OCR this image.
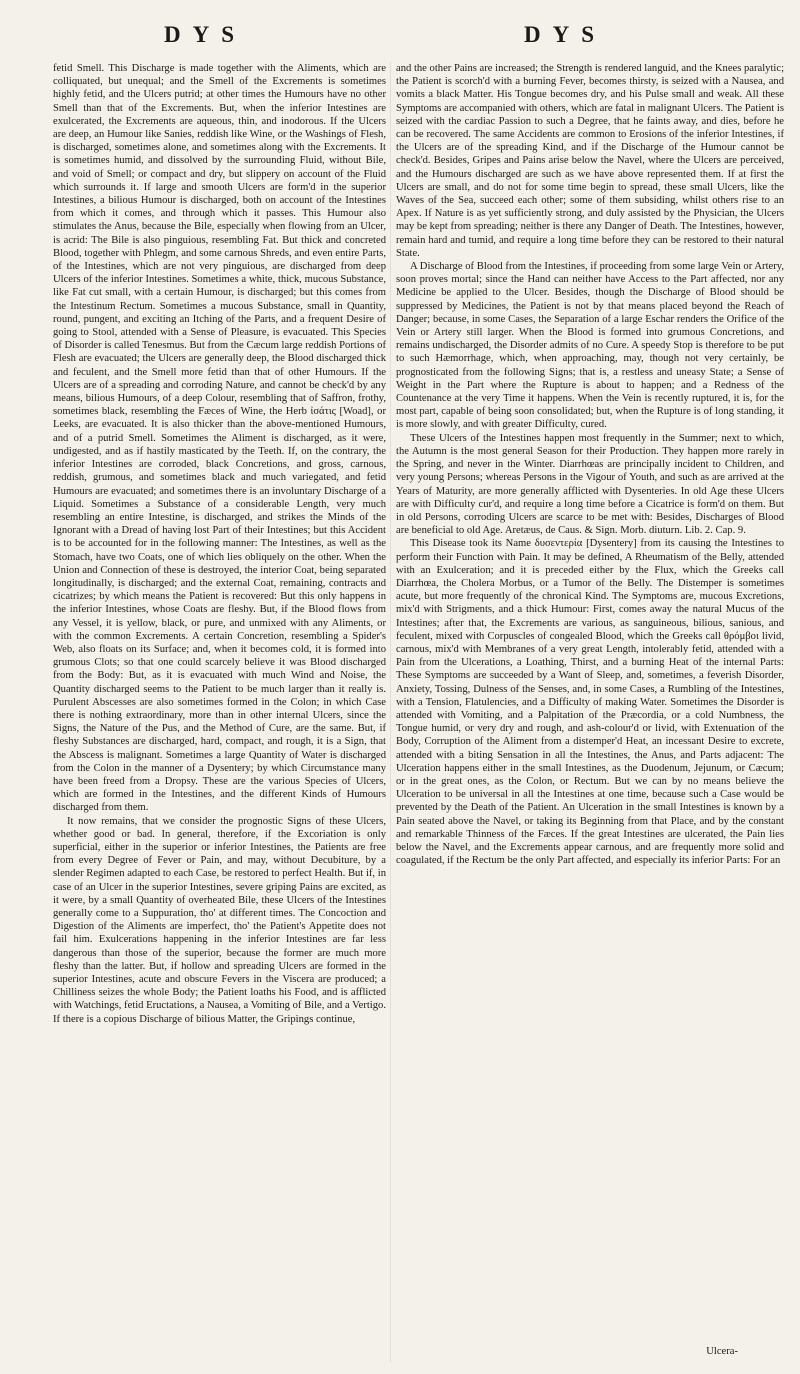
DYS	DYS

fetid Smell. This Discharge is made together with the Aliments, which are colliquated, but unequal; and the Smell of the Excrements is sometimes highly fetid, and the Ulcers putrid; at other times the Humours have no other Smell than that of the Excrements. But, when the inferior Intestines are exulcerated, the Excrements are aqueous, thin, and inodorous. If the Ulcers are deep, an Humour like Sanies, reddish like Wine, or the Washings of Flesh, is discharged, sometimes alone, and sometimes along with the Excrements. It is sometimes humid, and dissolved by the surrounding Fluid, without Bile, and void of Smell; or compact and dry, but slippery on account of the Fluid which surrounds it. If large and smooth Ulcers are form'd in the superior Intestines, a bilious Humour is discharged, both on account of the Intestines from which it comes, and through which it passes. This Humour also stimulates the Anus, because the Bile, especially when flowing from an Ulcer, is acrid: The Bile is also pinguious, resembling Fat. But thick and concreted Blood, together with Phlegm, and some carnous Shreds, and even entire Parts, of the Intestines, which are not very pinguious, are discharged from deep Ulcers of the inferior Intestines. Sometimes a white, thick, mucous Substance, like Fat cut small, with a certain Humour, is discharged; but this comes from the Intestinum Rectum. Sometimes a mucous Substance, small in Quantity, round, pungent, and exciting an Itching of the Parts, and a frequent Desire of going to Stool, attended with a Sense of Pleasure, is evacuated. This Species of Disorder is called Tenesmus. But from the Cæcum large reddish Portions of Flesh are evacuated; the Ulcers are generally deep, the Blood discharged thick and feculent, and the Smell more fetid than that of other Humours. If the Ulcers are of a spreading and corroding Nature, and cannot be check'd by any means, bilious Humours, of a deep Colour, resembling that of Saffron, frothy, sometimes black, resembling the Fæces of Wine, the Herb ἰσάτις [Woad], or Leeks, are evacuated. It is also thicker than the above-mentioned Humours, and of a putrid Smell. Sometimes the Aliment is discharged, as it were, undigested, and as if hastily masticated by the Teeth. If, on the contrary, the inferior Intestines are corroded, black Concretions, and gross, carnous, reddish, grumous, and sometimes black and much variegated, and fetid Humours are evacuated; and sometimes there is an involuntary Discharge of a Liquid. Sometimes a Substance of a considerable Length, very much resembling an entire Intestine, is discharged, and strikes the Minds of the Ignorant with a Dread of having lost Part of their Intestines; but this Accident is to be accounted for in the following manner: The Intestines, as well as the Stomach, have two Coats, one of which lies obliquely on the other. When the Union and Connection of these is destroyed, the interior Coat, being separated longitudinally, is discharged; and the external Coat, remaining, contracts and cicatrizes; by which means the Patient is recovered: But this only happens in the inferior Intestines, whose Coats are fleshy. But, if the Blood flows from any Vessel, it is yellow, black, or pure, and unmixed with any Aliments, or with the common Excrements. A certain Concretion, resembling a Spider's Web, also floats on its Surface; and, when it becomes cold, it is formed into grumous Clots; so that one could scarcely believe it was Blood discharged from the Body: But, as it is evacuated with much Wind and Noise, the Quantity discharged seems to the Patient to be much larger than it really is. Purulent Abscesses are also sometimes formed in the Colon; in which Case there is nothing extraordinary, more than in other internal Ulcers, since the Signs, the Nature of the Pus, and the Method of Cure, are the same. But, if fleshy Substances are discharged, hard, compact, and rough, it is a Sign, that the Abscess is malignant. Sometimes a large Quantity of Water is discharged from the Colon in the manner of a Dysentery; by which Circumstance many have been freed from a Dropsy. These are the various Species of Ulcers, which are formed in the Intestines, and the different Kinds of Humours discharged from them.

It now remains, that we consider the prognostic Signs of these Ulcers, whether good or bad. In general, therefore, if the Excoriation is only superficial, either in the superior or inferior Intestines, the Patients are free from every Degree of Fever or Pain, and may, without Decubiture, by a slender Regimen adapted to each Case, be restored to perfect Health. But if, in case of an Ulcer in the superior Intestines, severe griping Pains are excited, as it were, by a small Quantity of overheated Bile, these Ulcers of the Intestines generally come to a Suppuration, tho' at different times. The Concoction and Digestion of the Aliments are imperfect, tho' the Patient's Appetite does not fail him. Exulcerations happening in the inferior Intestines are far less dangerous than those of the superior, because the former are much more fleshy than the latter. But, if hollow and spreading Ulcers are formed in the superior Intestines, acute and obscure Fevers in the Viscera are produced; a Chilliness seizes the whole Body; the Patient loaths his Food, and is afflicted with Watchings, fetid Eructations, a Nausea, a Vomiting of Bile, and a Vertigo. If there is a copious Discharge of bilious Matter, the Gripings continue,

and the other Pains are increased; the Strength is rendered languid, and the Knees paralytic; the Patient is scorch'd with a burning Fever, becomes thirsty, is seized with a Nausea, and vomits a black Matter. His Tongue becomes dry, and his Pulse small and weak. All these Symptoms are accompanied with others, which are fatal in malignant Ulcers. The Patient is seized with the cardiac Passion to such a Degree, that he faints away, and dies, before he can be recovered. The same Accidents are common to Erosions of the inferior Intestines, if the Ulcers are of the spreading Kind, and if the Discharge of the Humour cannot be check'd. Besides, Gripes and Pains arise below the Navel, where the Ulcers are perceived, and the Humours discharged are such as we have above represented them. If at first the Ulcers are small, and do not for some time begin to spread, these small Ulcers, like the Waves of the Sea, succeed each other; some of them subsiding, whilst others rise to an Apex. If Nature is as yet sufficiently strong, and duly assisted by the Physician, the Ulcers may be kept from spreading; neither is there any Danger of Death. The Intestines, however, remain hard and tumid, and require a long time before they can be restored to their natural State.

A Discharge of Blood from the Intestines, if proceeding from some large Vein or Artery, soon proves mortal; since the Hand can neither have Access to the Part affected, nor any Medicine be applied to the Ulcer. Besides, though the Discharge of Blood should be suppressed by Medicines, the Patient is not by that means placed beyond the Reach of Danger; because, in some Cases, the Separation of a large Eschar renders the Orifice of the Vein or Artery still larger. When the Blood is formed into grumous Concretions, and remains undischarged, the Disorder admits of no Cure. A speedy Stop is therefore to be put to such Hæmorrhage, which, when approaching, may, though not very certainly, be prognosticated from the following Signs; that is, a restless and uneasy State; a Sense of Weight in the Part where the Rupture is about to happen; and a Redness of the Countenance at the very Time it happens. When the Vein is recently ruptured, it is, for the most part, capable of being soon consolidated; but, when the Rupture is of long standing, it is more slowly, and with greater Difficulty, cured.

These Ulcers of the Intestines happen most frequently in the Summer; next to which, the Autumn is the most general Season for their Production. They happen more rarely in the Spring, and never in the Winter. Diarrhœas are principally incident to Children, and very young Persons; whereas Persons in the Vigour of Youth, and such as are arrived at the Years of Maturity, are more generally afflicted with Dysenteries. In old Age these Ulcers are with Difficulty cur'd, and require a long time before a Cicatrice is form'd on them. But in old Persons, corroding Ulcers are scarce to be met with: Besides, Discharges of Blood are beneficial to old Age. Aretæus, de Caus. & Sign. Morb. diuturn. Lib. 2. Cap. 9.

This Disease took its Name δυσεντερία [Dysentery] from its causing the Intestines to perform their Function with Pain. It may be defined, A Rheumatism of the Belly, attended with an Exulceration; and it is preceded either by the Flux, which the Greeks call Diarrhœa, the Cholera Morbus, or a Tumor of the Belly. The Distemper is sometimes acute, but more frequently of the chronical Kind. The Symptoms are, mucous Excretions, mix'd with Strigments, and a thick Humour: First, comes away the natural Mucus of the Intestines; after that, the Excrements are various, as sanguineous, bilious, sanious, and feculent, mixed with Corpuscles of congealed Blood, which the Greeks call θρόμβοι livid, carnous, mix'd with Membranes of a very great Length, intolerably fetid, attended with a Pain from the Ulcerations, a Loathing, Thirst, and a burning Heat of the internal Parts: These Symptoms are succeeded by a Want of Sleep, and, sometimes, a feverish Disorder, Anxiety, Tossing, Dulness of the Senses, and, in some Cases, a Rumbling of the Intestines, with a Tension, Flatulencies, and a Difficulty of making Water. Sometimes the Disorder is attended with Vomiting, and a Palpitation of the Præcordia, or a cold Numbness, the Tongue humid, or very dry and rough, and ash-colour'd or livid, with Extenuation of the Body, Corruption of the Aliment from a distemper'd Heat, an incessant Desire to excrete, attended with a biting Sensation in all the Intestines, the Anus, and Parts adjacent: The Ulceration happens either in the small Intestines, as the Duodenum, Jejunum, or Cæcum; or in the great ones, as the Colon, or Rectum. But we can by no means believe the Ulceration to be universal in all the Intestines at one time, because such a Case would be prevented by the Death of the Patient. An Ulceration in the small Intestines is known by a Pain seated above the Navel, or taking its Beginning from that Place, and by the constant and remarkable Thinness of the Fæces. If the great Intestines are ulcerated, the Pain lies below the Navel, and the Excrements appear carnous, and are frequently more solid and coagulated, if the Rectum be the only Part affected, and especially its inferior Parts: For an

Ulcera-
